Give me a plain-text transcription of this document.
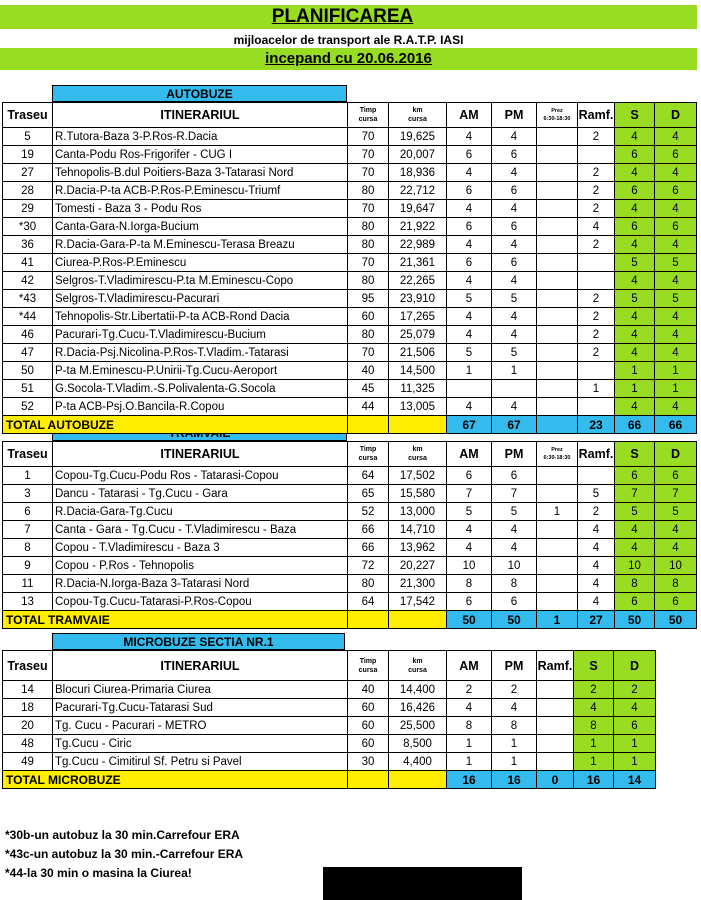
PLANIFICAREA
mijloacelor de transport ale R.A.T.P. IASI
incepand cu 20.06.2016
AUTOBUZE
MICROBUZE SECTIA NR.1
Traseu	ITINERARIUL	Timp
cursa	km
cursa	AM	PM	Prez
6:30-18:30	Ramf.	S	D
5	R.Tutora-Baza 3-P.Ros-R.Dacia	70	19,625	4	4		2	4	4
19	Canta-Podu Ros-Frigorifer - CUG I	70	20,007	6	6			6	6
27	Tehnopolis-B.dul Poitiers-Baza 3-Tatarasi Nord	70	18,936	4	4		2	4	4
28	R.Dacia-P-ta ACB-P.Ros-P.Eminescu-Triumf	80	22,712	6	6		2	6	6
29	Tomesti - Baza 3 - Podu Ros	70	19,647	4	4		2	4	4
*30	Canta-Gara-N.Iorga-Bucium	80	21,922	6	6		4	6	6
36	R.Dacia-Gara-P-ta M.Eminescu-Terasa Breazu	80	22,989	4	4		2	4	4
41	Ciurea-P.Ros-P.Eminescu	70	21,361	6	6			5	5
42	Selgros-T.Vladimirescu-P.ta M.Eminescu-Copo	80	22,265	4	4			4	4
*43	Selgros-T.Vladimirescu-Pacurari	95	23,910	5	5		2	5	5
*44	Tehnopolis-Str.Libertatii-P-ta ACB-Rond Dacia	60	17,265	4	4		2	4	4
46	Pacurari-Tg.Cucu-T.Vladimirescu-Bucium	80	25,079	4	4		2	4	4
47	R.Dacia-Psj.Nicolina-P.Ros-T.Vladim.-Tatarasi	70	21,506	5	5		2	4	4
50	P-ta M.Eminescu-P.Unirii-Tg.Cucu-Aeroport	40	14,500	1	1			1	1
51	G.Socola-T.Vladim.-S.Polivalenta-G.Socola	45	11,325				1	1	1
52	P-ta ACB-Psj.O.Bancila-R.Copou	44	13,005	4	4			4	4
TOTAL AUTOBUZE				67	67		23	66	66
Traseu	ITINERARIUL	Timp
cursa	km
cursa	AM	PM	Prez
6:30-18:30	Ramf.	S	D
1	Copou-Tg.Cucu-Podu Ros - Tatarasi-Copou	64	17,502	6	6			6	6
3	Dancu - Tatarasi - Tg.Cucu - Gara	65	15,580	7	7		5	7	7
6	R.Dacia-Gara-Tg.Cucu	52	13,000	5	5	1	2	5	5
7	Canta - Gara - Tg.Cucu - T.Vladimirescu - Baza	66	14,710	4	4		4	4	4
8	Copou - T.Vladimirescu - Baza 3	66	13,962	4	4		4	4	4
9	Copou - P.Ros - Tehnopolis	72	20,227	10	10		4	10	10
11	R.Dacia-N.Iorga-Baza 3-Tatarasi Nord	80	21,300	8	8		4	8	8
13	Copou-Tg.Cucu-Tatarasi-P.Ros-Copou	64	17,542	6	6		4	6	6
TOTAL TRAMVAIE				50	50	1	27	50	50
Traseu	ITINERARIUL	Timp
cursa	km
cursa	AM	PM	Ramf.	S	D
14	Blocuri Ciurea-Primaria Ciurea	40	14,400	2	2		2	2
18	Pacurari-Tg.Cucu-Tatarasi Sud	60	16,426	4	4		4	4
20	Tg. Cucu - Pacurari - METRO	60	25,500	8	8		8	6
48	Tg.Cucu - Ciric	60	8,500	1	1		1	1
49	Tg.Cucu - Cimitirul Sf. Petru si Pavel	30	4,400	1	1		1	1
TOTAL MICROBUZE				16	16	0	16	14
*30b-un autobuz la 30 min.Carrefour ERA
*43c-un autobuz la 30 min.-Carrefour ERA
*44-la 30 min o masina la Ciurea!
